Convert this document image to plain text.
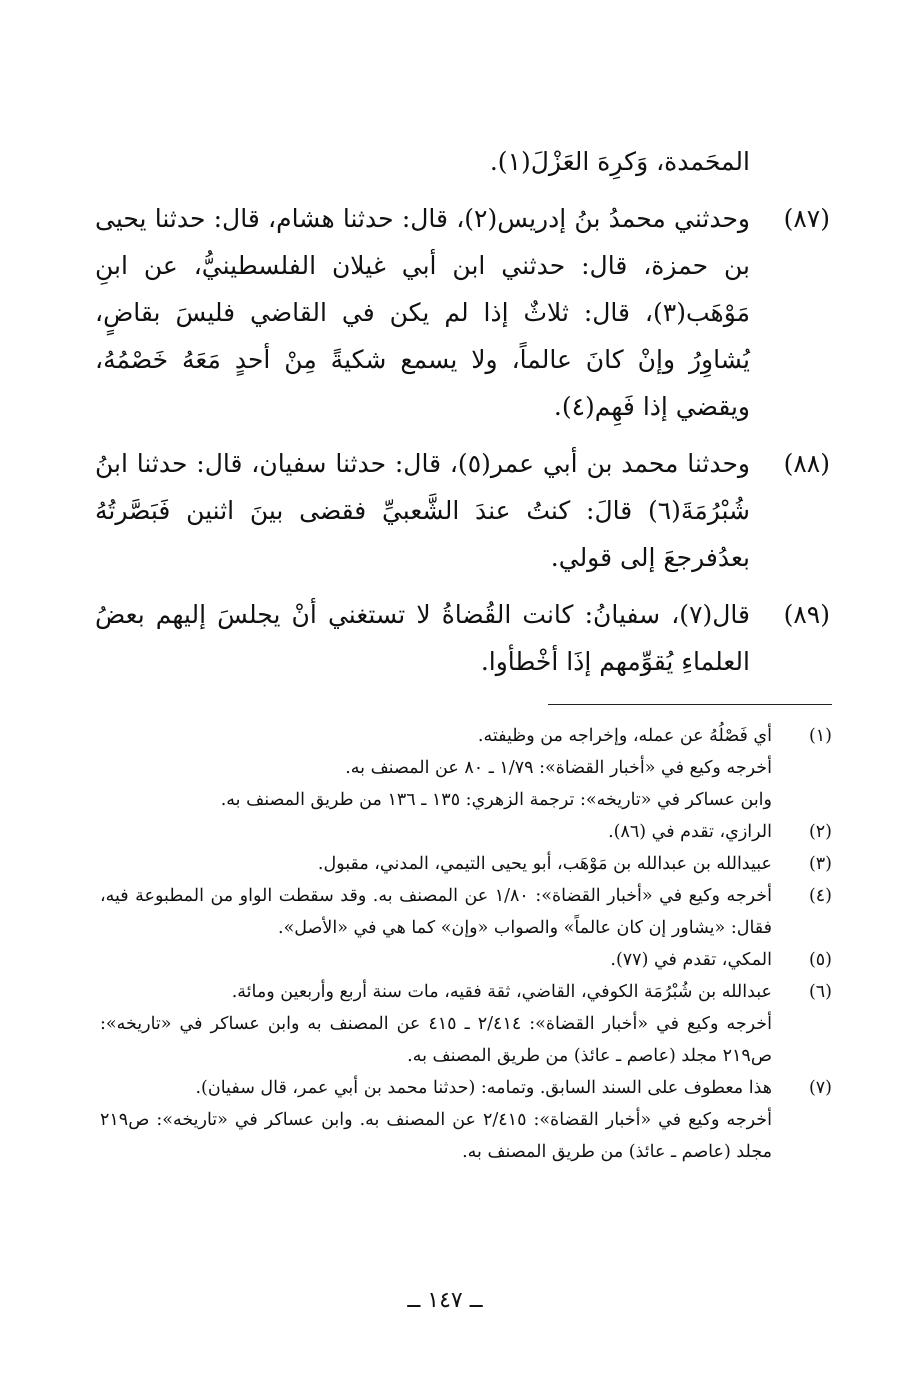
المحَمدة، وَكرِهَ العَزْلَ(١).
(٨٧)
وحدثني محمدُ بنُ إدريس(٢)، قال: حدثنا هشام، قال: حدثنا يحيى بن حمزة، قال: حدثني ابن أبي غيلان الفلسطينيُّ، عن ابنِ مَوْهَب(٣)، قال: ثلاثٌ إذا لم يكن في القاضي فليسَ بقاضٍ، يُشاوِرُ وإنْ كانَ عالماً، ولا يسمع شكيةً مِنْ أحدٍ مَعَهُ خَصْمُهُ، ويقضي إذا فَهِم(٤).
(٨٨)
وحدثنا محمد بن أبي عمر(٥)، قال: حدثنا سفيان، قال: حدثنا ابنُ شُبْرُمَةَ(٦) قالَ: كنتُ عندَ الشَّعبيِّ فقضى بينَ اثنين فَبَصَّرتُهُ بعدُفرجعَ إلى قولي.
(٨٩)
قال(٧)، سفيانُ: كانت القُضاةُ لا تستغني أنْ يجلسَ إليهم بعضُ العلماءِ يُقوِّمهم إذَا أخْطأوا.
(١)
أي فَصْلُهُ عن عمله، وإخراجه من وظيفته.
أخرجه وكيع في «أخبار القضاة»: ١/٧٩ ـ ٨٠ عن المصنف به.
وابن عساكر في «تاريخه»: ترجمة الزهري: ١٣٥ ـ ١٣٦ من طريق المصنف به.
(٢)
الرازي، تقدم في (٨٦).
(٣)
عبيدالله بن عبدالله بن مَوْهَب، أبو يحيى التيمي، المدني، مقبول.
(٤)
أخرجه وكيع في «أخبار القضاة»: ١/٨٠ عن المصنف به. وقد سقطت الواو من المطبوعة فيه، فقال: «يشاور إن كان عالماً» والصواب «وإن» كما هي في «الأصل».
(٥)
المكي، تقدم في (٧٧).
(٦)
عبدالله بن شُبْرُمَة الكوفي، القاضي، ثقة فقيه، مات سنة أربع وأربعين ومائة.
أخرجه وكيع في «أخبار القضاة»: ٢/٤١٤ ـ ٤١٥ عن المصنف به وابن عساكر في «تاريخه»: ص٢١٩ مجلد (عاصم ـ عائذ) من طريق المصنف به.
(٧)
هذا معطوف على السند السابق. وتمامه: (حدثنا محمد بن أبي عمر، قال سفيان).
أخرجه وكيع في «أخبار القضاة»: ٢/٤١٥ عن المصنف به. وابن عساكر في «تاريخه»: ص٢١٩ مجلد (عاصم ـ عائذ) من طريق المصنف به.
ــ ١٤٧ ــ
